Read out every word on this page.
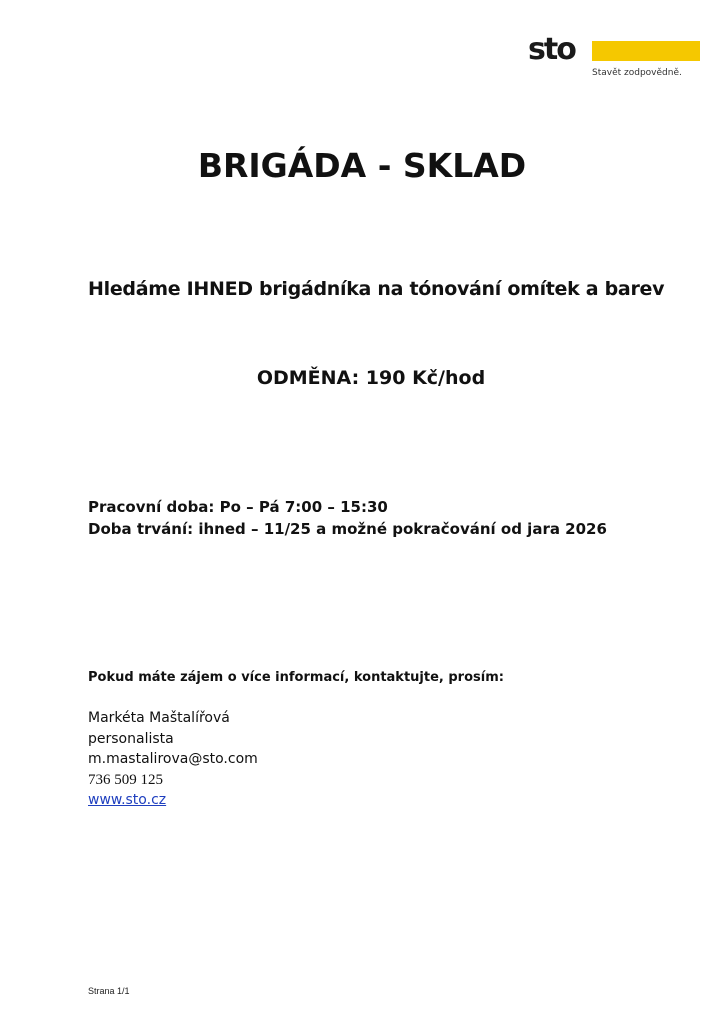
sto
Stavět zodpovědně.
BRIGÁDA - SKLAD
Hledáme IHNED brigádníka na tónování omítek a barev
ODMĚNA: 190 Kč/hod
Pracovní doba: Po – Pá 7:00 – 15:30
Doba trvání: ihned – 11/25 a možné pokračování od jara 2026
Pokud máte zájem o více informací, kontaktujte, prosím:
Markéta Maštalířová
personalista
m.mastalirova@sto.com
736 509 125
www.sto.cz
Strana 1/1
